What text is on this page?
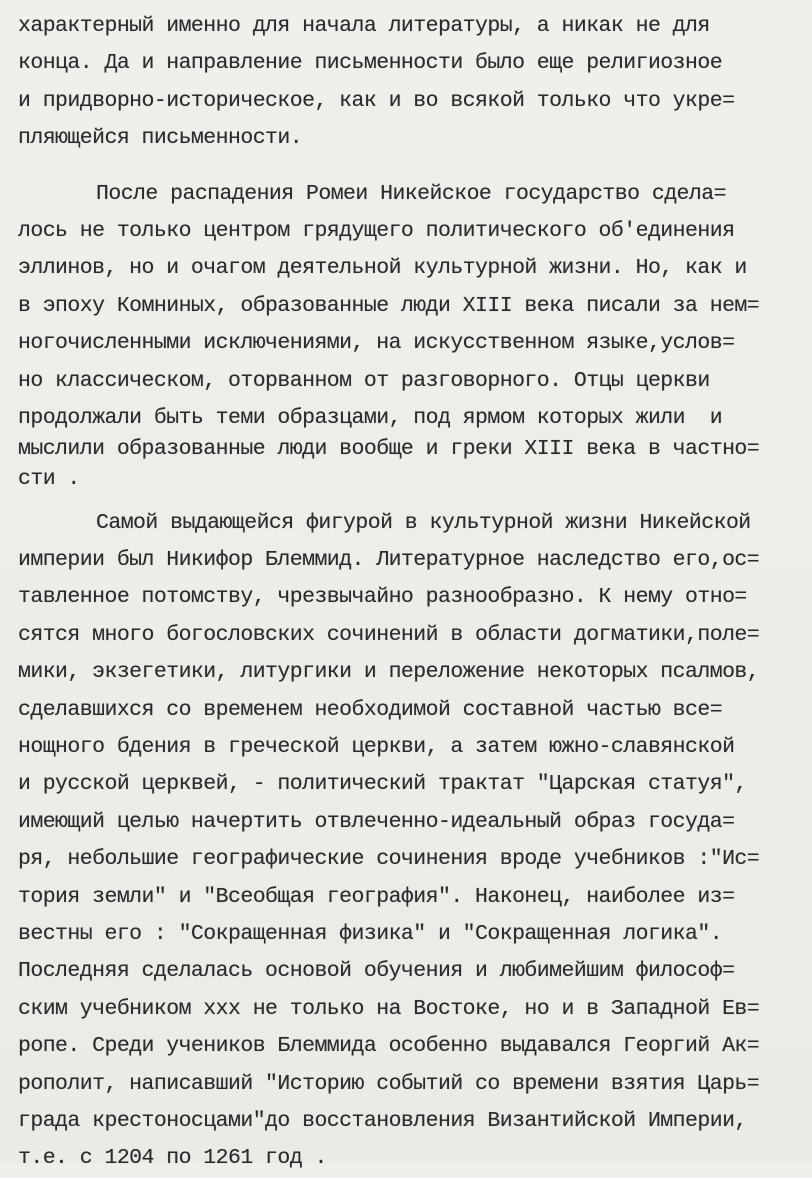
характерный именно для начала литературы, а никак не для
конца. Да и направление письменности было еще религиозное
и придворно-историческое, как и во всякой только что укре=
пляющейся письменности.
После распадения Ромеи Никейское государство сдела=
лось не только центром грядущего политического об'единения
эллинов, но и очагом деятельной культурной жизни. Но, как и
в эпоху Комниных, образованные люди XIII века писали за нем=
ногочисленными исключениями, на искусственном языке,услов=
но классическом, оторванном от разговорного. Отцы церкви
продолжали быть теми образцами, под ярмом которых жили  и
мыслили образованные люди вообще и греки XIII века в частно=
сти .
Самой выдающейся фигурой в культурной жизни Никейской
империи был Никифор Блеммид. Литературное наследство его,ос=
тавленное потомству, чрезвычайно разнообразно. К нему отно=
сятся много богословских сочинений в области догматики,поле=
мики, экзегетики, литургики и переложение некоторых псалмов,
сделавшихся со временем необходимой составной частью все=
нощного бдения в греческой церкви, а затем южно-славянской
и русской церквей, - политический трактат "Царская статуя",
имеющий целью начертить отвлеченно-идеальный образ госуда=
ря, небольшие географические сочинения вроде учебников :"Ис=
тория земли" и "Всеобщая география". Наконец, наиболее из=
вестны его : "Сокращенная физика" и "Сокращенная логика".
Последняя сделалась основой обучения и любимейшим философ=
ским учебником xxx не только на Востоке, но и в Западной Ев=
ропе. Среди учеников Блеммида особенно выдавался Георгий Ак=
рополит, написавший "Историю событий со времени взятия Царь=
града крестоносцами"до восстановления Византийской Империи,
т.е. с 1204 по 1261 год .
